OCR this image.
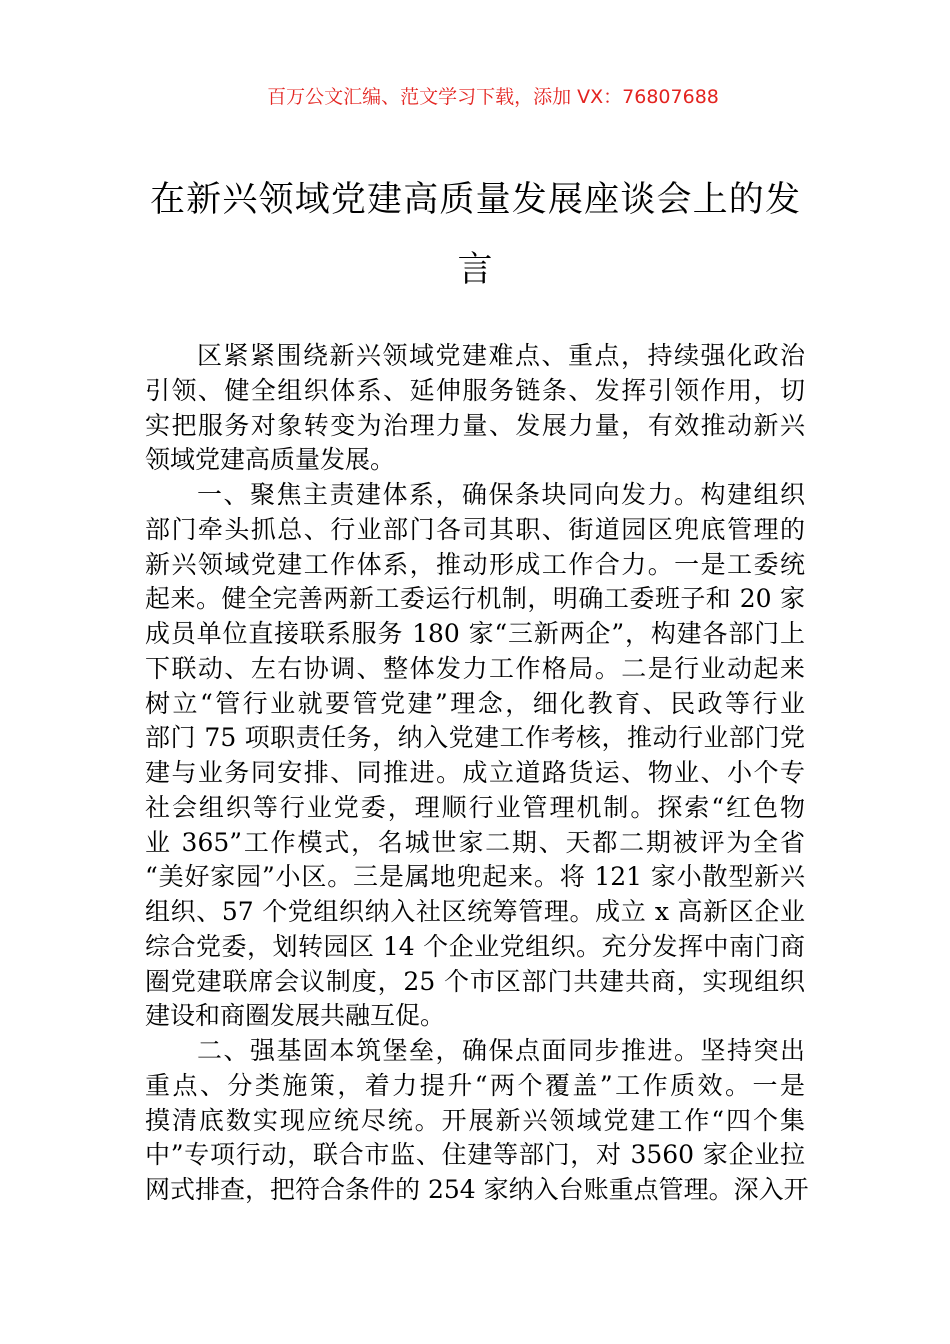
百万公文汇编、范文学习下载，添加 VX：76807688
在新兴领域党建高质量发展座谈会上的发
言
区紧紧围绕新兴领域党建难点、重点，持续强化政治
引领、健全组织体系、延伸服务链条、发挥引领作用，切
实把服务对象转变为治理力量、发展力量，有效推动新兴
领域党建高质量发展。
一、聚焦主责建体系，确保条块同向发力。构建组织
部门牵头抓总、行业部门各司其职、街道园区兜底管理的
新兴领域党建工作体系，推动形成工作合力。一是工委统
起来。健全完善两新工委运行机制，明确工委班子和 20 家
成员单位直接联系服务 180 家“三新两企”，构建各部门上
下联动、左右协调、整体发力工作格局。二是行业动起来
树立“管行业就要管党建”理念，细化教育、民政等行业
部门 75 项职责任务，纳入党建工作考核，推动行业部门党
建与业务同安排、同推进。成立道路货运、物业、小个专
社会组织等行业党委，理顺行业管理机制。探索“红色物
业 365”工作模式，名城世家二期、天都二期被评为全省
“美好家园”小区。三是属地兜起来。将 121 家小散型新兴
组织、57 个党组织纳入社区统筹管理。成立 x 高新区企业
综合党委，划转园区 14 个企业党组织。充分发挥中南门商
圈党建联席会议制度，25 个市区部门共建共商，实现组织
建设和商圈发展共融互促。
二、强基固本筑堡垒，确保点面同步推进。坚持突出
重点、分类施策，着力提升“两个覆盖”工作质效。一是
摸清底数实现应统尽统。开展新兴领域党建工作“四个集
中”专项行动，联合市监、住建等部门，对 3560 家企业拉
网式排查，把符合条件的 254 家纳入台账重点管理。深入开
